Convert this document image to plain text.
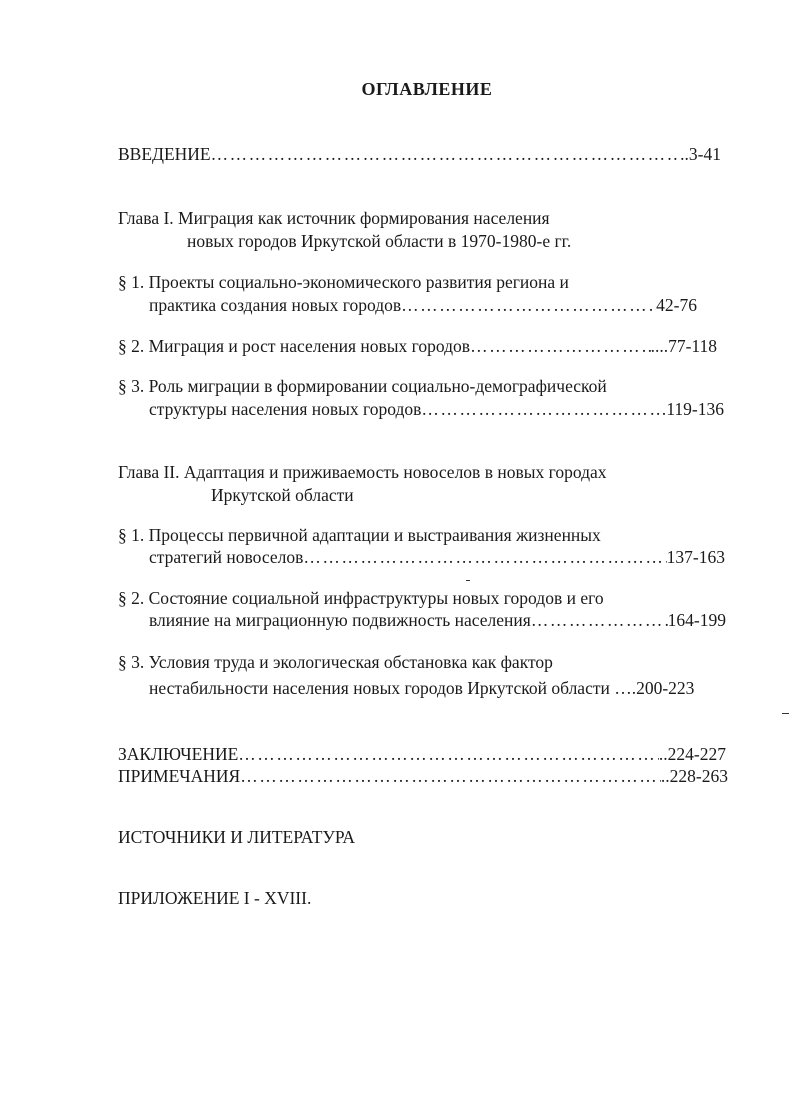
ОГЛАВЛЕНИЕ
ВВЕДЕНИЕ ……………………………………………………………………………………………………………………………………………………………………………………	..3-41
Глава I. Миграция как источник формирования населения
новых городов Иркутской области в 1970-1980-е гг.
§ 1. Проекты социально-экономического развития региона и
практика создания новых городов ……………………………………………………………………………………………………………………………………………………………………………………	42-76
§ 2. Миграция и рост населения новых городов ……………………………………………………………………………………………………………………………………………………………………………………	....77-118
§ 3. Роль миграции в формировании социально-демографической
структуры населения новых городов ……………………………………………………………………………………………………………………………………………………………………………………	119-136
Глава II. Адаптация и приживаемость новоселов в новых городах
Иркутской области
§ 1. Процессы первичной адаптации и выстраивания жизненных
стратегий новоселов ……………………………………………………………………………………………………………………………………………………………………………………	137-163
§ 2. Состояние социальной инфраструктуры новых городов и его
влияние на миграционную подвижность населения ……………………………………………………………………………………………………………………………………………………………………………………	164-199
§ 3. Условия труда и экологическая обстановка как фактор
нестабильности населения новых городов Иркутской области ….200-223
ЗАКЛЮЧЕНИЕ ……………………………………………………………………………………………………………………………………………………………………………………	..224-227
ПРИМЕЧАНИЯ ……………………………………………………………………………………………………………………………………………………………………………………	..228-263
ИСТОЧНИКИ И ЛИТЕРАТУРА
ПРИЛОЖЕНИЕ I - XVIII.
